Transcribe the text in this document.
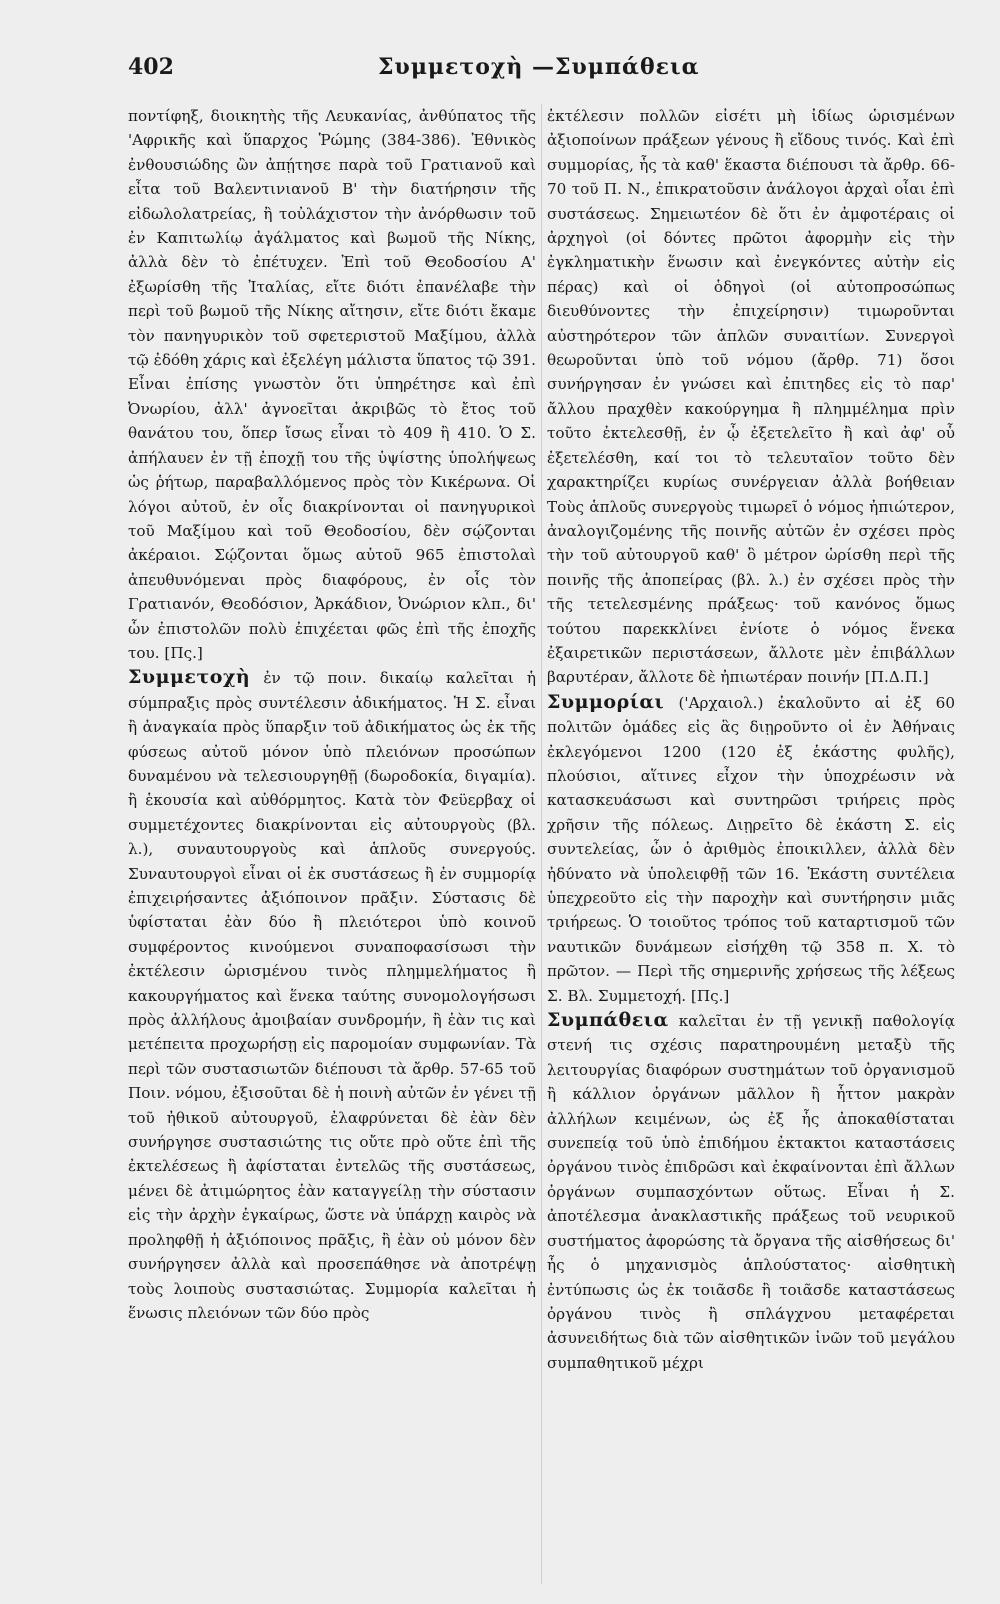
402	Συμμετοχὴ —Συμπάθεια

ποντίφηξ, διοικητὴς τῆς Λευκανίας, ἀνθύπατος τῆς 'Αφρικῆς καὶ ὕπαρχος Ῥώμης (384-386). Ἐθνικὸς ἐνθουσιώδης ὢν ἀπῄτησε παρὰ τοῦ Γρατιανοῦ καὶ εἶτα τοῦ Βαλεντινιανοῦ Β' τὴν διατήρησιν τῆς εἰδωλολατρείας, ἢ τοὐλάχιστον τὴν ἀνόρθωσιν τοῦ ἐν Καπιτωλίῳ ἀγάλματος καὶ βωμοῦ τῆς Νίκης, ἀλλὰ δὲν τὸ ἐπέτυχεν. Ἐπὶ τοῦ Θεοδοσίου Α' ἐξωρίσθη τῆς Ἰταλίας, εἴτε διότι ἐπανέλαβε τὴν περὶ τοῦ βωμοῦ τῆς Νίκης αἴτησιν, εἴτε διότι ἔκαμε τὸν πανηγυρικὸν τοῦ σφετεριστοῦ Μαξίμου, ἀλλὰ τῷ ἐδόθη χάρις καὶ ἐξελέγη μάλιστα ὕπατος τῷ 391. Εἶναι ἐπίσης γνωστὸν ὅτι ὑπηρέτησε καὶ ἐπὶ Ὀνωρίου, ἀλλ' ἀγνοεῖται ἀκριβῶς τὸ ἔτος τοῦ θανάτου του, ὅπερ ἴσως εἶναι τὸ 409 ἢ 410. Ὁ Σ. ἀπήλαυεν ἐν τῇ ἐποχῇ του τῆς ὑψίστης ὑπολήψεως ὡς ῥήτωρ, παραβαλλόμενος πρὸς τὸν Κικέρωνα. Οἱ λόγοι αὐτοῦ, ἐν οἷς διακρίνονται οἱ πανηγυρικοὶ τοῦ Μαξίμου καὶ τοῦ Θεοδοσίου, δὲν σῴζονται ἀκέραιοι. Σῴζονται ὅμως αὐτοῦ 965 ἐπιστολαὶ ἀπευθυνόμεναι πρὸς διαφόρους, ἐν οἷς τὸν Γρατιανόν, Θεοδόσιον, Ἀρκάδιον, Ὀνώριον κλπ., δι' ὧν ἐπιστολῶν πολὺ ἐπιχέεται φῶς ἐπὶ τῆς ἐποχῆς του. [Πς.]

Συμμετοχὴ ἐν τῷ ποιν. δικαίῳ καλεῖται ἡ σύμπραξις πρὸς συντέλεσιν ἀδικήματος. Ἡ Σ. εἶναι ἢ ἀναγκαία πρὸς ὕπαρξιν τοῦ ἀδικήματος ὡς ἐκ τῆς φύσεως αὐτοῦ μόνον ὑπὸ πλειόνων προσώπων δυναμένου νὰ τελεσιουργηθῇ (δωροδοκία, διγαμία). ἢ ἑκουσία καὶ αὐθόρμητος. Κατὰ τὸν Φεϋερβαχ οἱ συμμετέχοντες διακρίνονται εἰς αὐτουργοὺς (βλ. λ.), συναυτουργοὺς καὶ ἁπλοῦς συνεργούς. Συναυτουργοὶ εἶναι οἱ ἐκ συστάσεως ἢ ἐν συμμορίᾳ ἐπιχειρήσαντες ἀξιόποινον πρᾶξιν. Σύστασις δὲ ὑφίσταται ἐὰν δύο ἢ πλειότεροι ὑπὸ κοινοῦ συμφέροντος κινούμενοι συναποφασίσωσι τὴν ἐκτέλεσιν ὡρισμένου τινὸς πλημμελήματος ἢ κακουργήματος καὶ ἕνεκα ταύτης συνομολογήσωσι πρὸς ἀλλήλους ἀμοιβαίαν συνδρομήν, ἢ ἐὰν τις καὶ μετέπειτα προχωρήσῃ εἰς παρομοίαν συμφωνίαν. Τὰ περὶ τῶν συστασιωτῶν διέπουσι τὰ ἄρθρ. 57-65 τοῦ Ποιν. νόμου, ἐξισοῦται δὲ ἡ ποινὴ αὐτῶν ἐν γένει τῇ τοῦ ἠθικοῦ αὐτουργοῦ, ἐλαφρύνεται δὲ ἐὰν δὲν συνήργησε συστασιώτης τις οὔτε πρὸ οὔτε ἐπὶ τῆς ἐκτελέσεως ἢ ἀφίσταται ἐντελῶς τῆς συστάσεως, μένει δὲ ἀτιμώρητος ἐὰν καταγγείλῃ τὴν σύστασιν εἰς τὴν ἀρχὴν ἐγκαίρως, ὥστε νὰ ὑπάρχῃ καιρὸς νὰ προληφθῇ ἡ ἀξιόποινος πρᾶξις, ἢ ἐὰν οὐ μόνον δὲν συνήργησεν ἀλλὰ καὶ προσεπάθησε νὰ ἀποτρέψῃ τοὺς λοιποὺς συστασιώτας. Συμμορία καλεῖται ἡ ἕνωσις πλειόνων τῶν δύο πρὸς

ἐκτέλεσιν πολλῶν εἰσέτι μὴ ἰδίως ὡρισμένων ἀξιοποίνων πράξεων γένους ἢ εἴδους τινός. Καὶ ἐπὶ συμμορίας, ἧς τὰ καθ' ἕκαστα διέπουσι τὰ ἄρθρ. 66-70 τοῦ Π. Ν., ἐπικρατοῦσιν ἀνάλογοι ἀρχαὶ οἷαι ἐπὶ συστάσεως. Σημειωτέον δὲ ὅτι ἐν ἀμφοτέραις οἱ ἀρχηγοὶ (οἱ δόντες πρῶτοι ἀφορμὴν εἰς τὴν ἐγκληματικὴν ἕνωσιν καὶ ἐνεγκόντες αὐτὴν εἰς πέρας) καὶ οἱ ὁδηγοὶ (οἱ αὐτοπροσώπως διευθύνοντες τὴν ἐπιχείρησιν) τιμωροῦνται αὐστηρότερον τῶν ἁπλῶν συναιτίων. Συνεργοὶ θεωροῦνται ὑπὸ τοῦ νόμου (ἄρθρ. 71) ὅσοι συνήργησαν ἐν γνώσει καὶ ἐπιτηδες εἰς τὸ παρ' ἄλλου πραχθὲν κακούργημα ἢ πλημμέλημα πρὶν τοῦτο ἐκτελεσθῇ, ἐν ᾧ ἐξετελεῖτο ἢ καὶ ἀφ' οὗ ἐξετελέσθη, καί τοι τὸ τελευταῖον τοῦτο δὲν χαρακτηρίζει κυρίως συνέργειαν ἀλλὰ βοήθειαν Τοὺς ἁπλοῦς συνεργοὺς τιμωρεῖ ὁ νόμος ἠπιώτερον, ἀναλογιζομένης τῆς ποινῆς αὐτῶν ἐν σχέσει πρὸς τὴν τοῦ αὐτουργοῦ καθ' ὃ μέτρον ὡρίσθη περὶ τῆς ποινῆς τῆς ἀποπείρας (βλ. λ.) ἐν σχέσει πρὸς τὴν τῆς τετελεσμένης πράξεως· τοῦ κανόνος ὅμως τούτου παρεκκλίνει ἐνίοτε ὁ νόμος ἕνεκα ἐξαιρετικῶν περιστάσεων, ἄλλοτε μὲν ἐπιβάλλων βαρυτέραν, ἄλλοτε δὲ ἠπιωτέραν ποινήν [Π.Δ.Π.]

Συμμορίαι ('Αρχαιολ.) ἐκαλοῦντο αἱ ἐξ 60 πολιτῶν ὁμάδες εἰς ἃς διῃροῦντο οἱ ἐν Ἀθήναις ἐκλεγόμενοι 1200 (120 ἐξ ἑκάστης φυλῆς), πλούσιοι, αἵτινες εἶχον τὴν ὑποχρέωσιν νὰ κατασκευάσωσι καὶ συντηρῶσι τριήρεις πρὸς χρῆσιν τῆς πόλεως. Διῃρεῖτο δὲ ἑκάστη Σ. εἰς συντελείας, ὧν ὁ ἀριθμὸς ἐποικιλλεν, ἀλλὰ δὲν ἠδύνατο νὰ ὑπολειφθῇ τῶν 16. Ἑκάστη συντέλεια ὑπεχρεοῦτο εἰς τὴν παροχὴν καὶ συντήρησιν μιᾶς τριήρεως. Ὁ τοιοῦτος τρόπος τοῦ καταρτισμοῦ τῶν ναυτικῶν δυνάμεων εἰσήχθη τῷ 358 π. Χ. τὸ πρῶτον. — Περὶ τῆς σημερινῆς χρήσεως τῆς λέξεως Σ. Βλ. Συμμετοχή. [Πς.]

Συμπάθεια καλεῖται ἐν τῇ γενικῇ παθολογίᾳ στενή τις σχέσις παρατηρουμένη μεταξὺ τῆς λειτουργίας διαφόρων συστημάτων τοῦ ὀργανισμοῦ ἢ κάλλιον ὀργάνων μᾶλλον ἢ ἧττον μακρὰν ἀλλήλων κειμένων, ὡς ἐξ ἧς ἀποκαθίσταται συνεπείᾳ τοῦ ὑπὸ ἐπιδήμου ἐκτακτοι καταστάσεις ὀργάνου τινὸς ἐπιδρῶσι καὶ ἐκφαίνονται ἐπὶ ἄλλων ὀργάνων συμπασχόντων οὕτως. Εἶναι ἡ Σ. ἀποτέλεσμα ἀνακλαστικῆς πράξεως τοῦ νευρικοῦ συστήματος ἀφορώσης τὰ ὄργανα τῆς αἰσθήσεως δι' ἧς ὁ μηχανισμὸς ἁπλούστατος· αἰσθητικὴ ἐντύπωσις ὡς ἐκ τοιᾶσδε ἢ τοιᾶσδε καταστάσεως ὀργάνου τινὸς ἢ σπλάγχνου μεταφέρεται ἀσυνειδήτως διὰ τῶν αἰσθητικῶν ἰνῶν τοῦ μεγάλου συμπαθητικοῦ μέχρι
